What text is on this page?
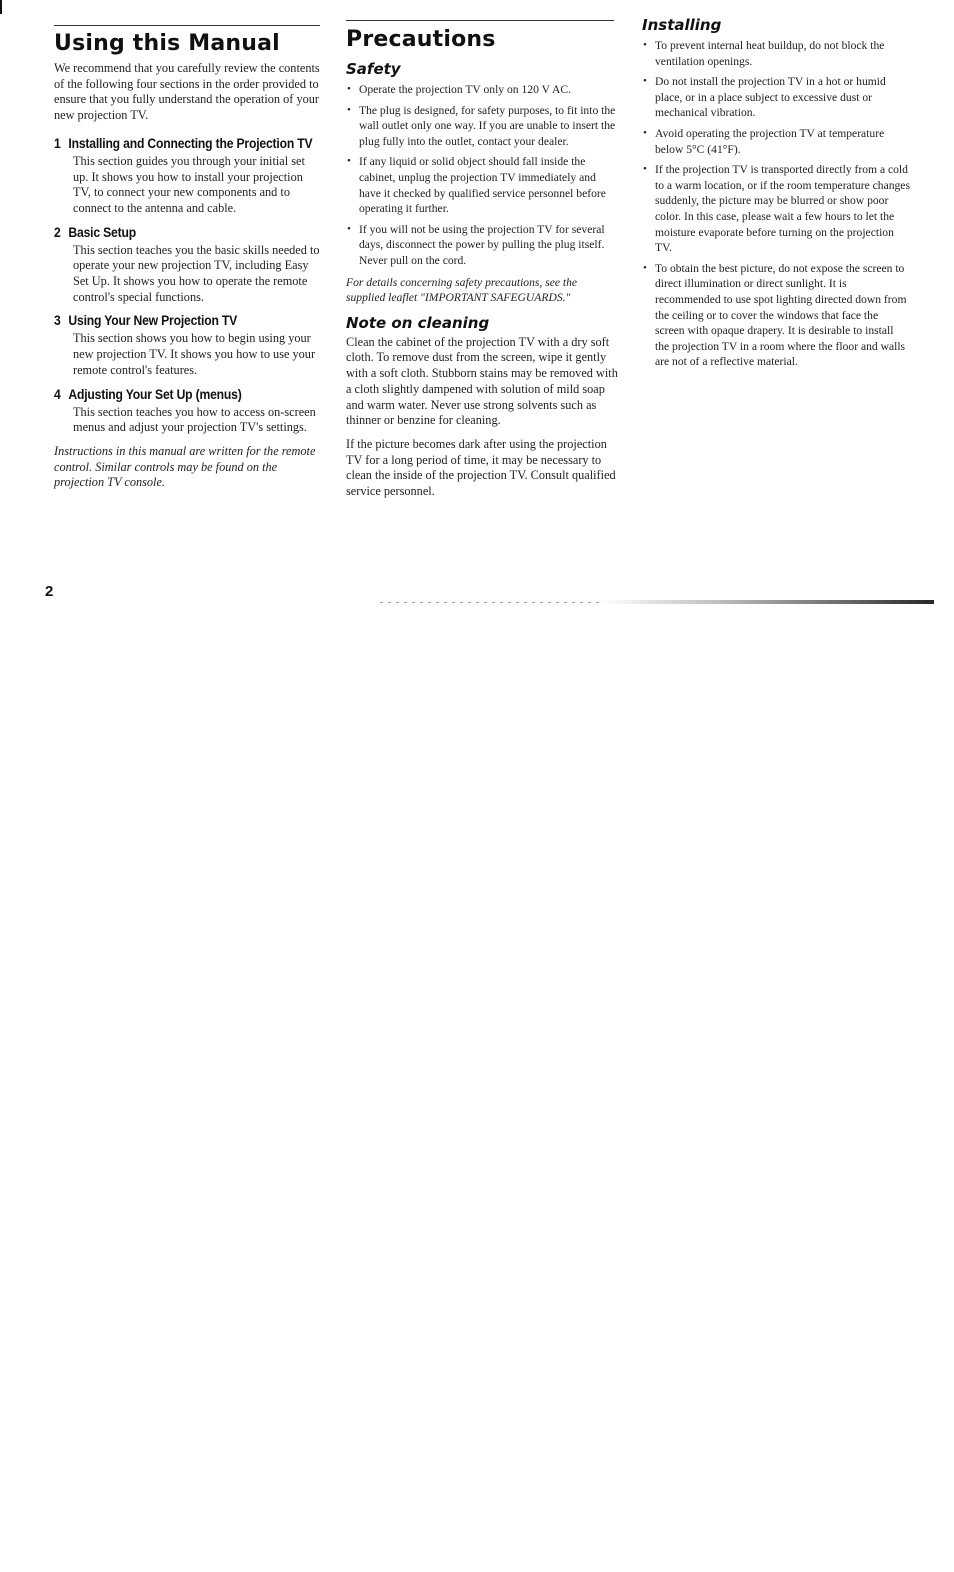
Using this Manual

We recommend that you carefully review the contents of the following four sections in the order provided to ensure that you fully understand the operation of your new projection TV.

1 Installing and Connecting the Projection TV

This section guides you through your initial set up. It shows you how to install your projection TV, to connect your new components and to connect to the antenna and cable.

2 Basic Setup

This section teaches you the basic skills needed to operate your new projection TV, including Easy Set Up. It shows you how to operate the remote control's special functions.

3 Using Your New Projection TV

This section shows you how to begin using your new projection TV. It shows you how to use your remote control's features.

4 Adjusting Your Set Up (menus)

This section teaches you how to access on-screen menus and adjust your projection TV's settings.

Instructions in this manual are written for the remote control. Similar controls may be found on the projection TV console.

Precautions
Safety
• Operate the projection TV only on 120 V AC.
• The plug is designed, for safety purposes, to fit into the wall outlet only one way. If you are unable to insert the plug fully into the outlet, contact your dealer.
• If any liquid or solid object should fall inside the cabinet, unplug the projection TV immediately and have it checked by qualified service personnel before operating it further.
• If you will not be using the projection TV for several days, disconnect the power by pulling the plug itself. Never pull on the cord.

For details concerning safety precautions, see the supplied leaflet "IMPORTANT SAFEGUARDS."

Note on cleaning

Clean the cabinet of the projection TV with a dry soft cloth. To remove dust from the screen, wipe it gently with a soft cloth. Stubborn stains may be removed with a cloth slightly dampened with solution of mild soap and warm water. Never use strong solvents such as thinner or benzine for cleaning.

If the picture becomes dark after using the projection TV for a long period of time, it may be necessary to clean the inside of the projection TV. Consult qualified service personnel.

Installing
• To prevent internal heat buildup, do not block the ventilation openings.
• Do not install the projection TV in a hot or humid place, or in a place subject to excessive dust or mechanical vibration.
• Avoid operating the projection TV at temperature below 5°C (41°F).
• If the projection TV is transported directly from a cold to a warm location, or if the room temperature changes suddenly, the picture may be blurred or show poor color. In this case, please wait a few hours to let the moisture evaporate before turning on the projection TV.
• To obtain the best picture, do not expose the screen to direct illumination or direct sunlight. It is recommended to use spot lighting directed down from the ceiling or to cover the windows that face the screen with opaque drapery. It is desirable to install the projection TV in a room where the floor and walls are not of a reflective material.
2
